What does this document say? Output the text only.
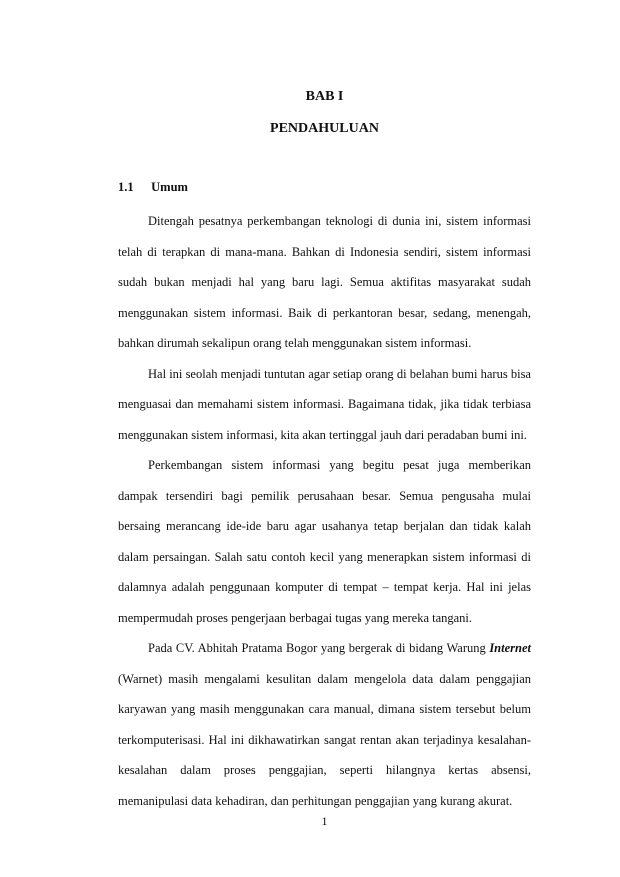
BAB I
PENDAHULUAN
1.1 Umum

Ditengah pesatnya perkembangan teknologi di dunia ini, sistem informasi telah di terapkan di mana-mana. Bahkan di Indonesia sendiri, sistem informasi sudah bukan menjadi hal yang baru lagi. Semua aktifitas masyarakat sudah menggunakan sistem informasi. Baik di perkantoran besar, sedang, menengah, bahkan dirumah sekalipun orang telah menggunakan sistem informasi.

Hal ini seolah menjadi tuntutan agar setiap orang di belahan bumi harus bisa menguasai dan memahami sistem informasi. Bagaimana tidak, jika tidak terbiasa menggunakan sistem informasi, kita akan tertinggal jauh dari peradaban bumi ini.

Perkembangan sistem informasi yang begitu pesat juga memberikan dampak tersendiri bagi pemilik perusahaan besar. Semua pengusaha mulai bersaing merancang ide-ide baru agar usahanya tetap berjalan dan tidak kalah dalam persaingan. Salah satu contoh kecil yang menerapkan sistem informasi di dalamnya adalah penggunaan komputer di tempat – tempat kerja. Hal ini jelas mempermudah proses pengerjaan berbagai tugas yang mereka tangani.

Pada CV. Abhitah Pratama Bogor yang bergerak di bidang Warung Internet (Warnet) masih mengalami kesulitan dalam mengelola data dalam penggajian karyawan yang masih menggunakan cara manual, dimana sistem tersebut belum terkomputerisasi. Hal ini dikhawatirkan sangat rentan akan terjadinya kesalahan-kesalahan dalam proses penggajian, seperti hilangnya kertas absensi, memanipulasi data kehadiran, dan perhitungan penggajian yang kurang akurat.

1
